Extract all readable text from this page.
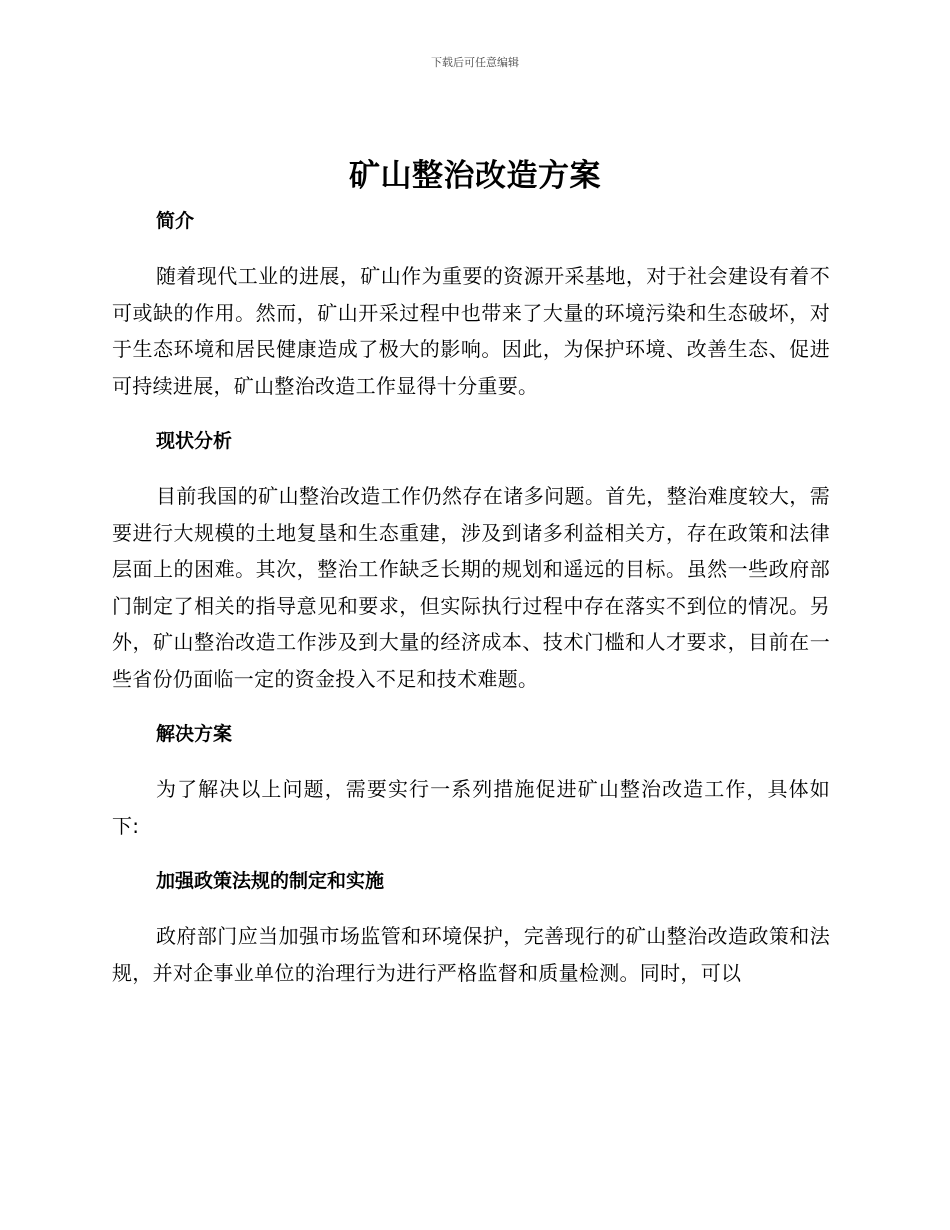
下载后可任意编辑
矿山整治改造方案
简介

随着现代工业的进展，矿山作为重要的资源开采基地，对于社会建设有着不可或缺的作用。然而，矿山开采过程中也带来了大量的环境污染和生态破坏，对于生态环境和居民健康造成了极大的影响。因此，为保护环境、改善生态、促进可持续进展，矿山整治改造工作显得十分重要。

现状分析

目前我国的矿山整治改造工作仍然存在诸多问题。首先，整治难度较大，需要进行大规模的土地复垦和生态重建，涉及到诸多利益相关方，存在政策和法律层面上的困难。其次，整治工作缺乏长期的规划和遥远的目标。虽然一些政府部门制定了相关的指导意见和要求，但实际执行过程中存在落实不到位的情况。另外，矿山整治改造工作涉及到大量的经济成本、技术门槛和人才要求，目前在一些省份仍面临一定的资金投入不足和技术难题。

解决方案

为了解决以上问题，需要实行一系列措施促进矿山整治改造工作，具体如下:

加强政策法规的制定和实施

政府部门应当加强市场监管和环境保护，完善现行的矿山整治改造政策和法规，并对企事业单位的治理行为进行严格监督和质量检测。同时，可以
